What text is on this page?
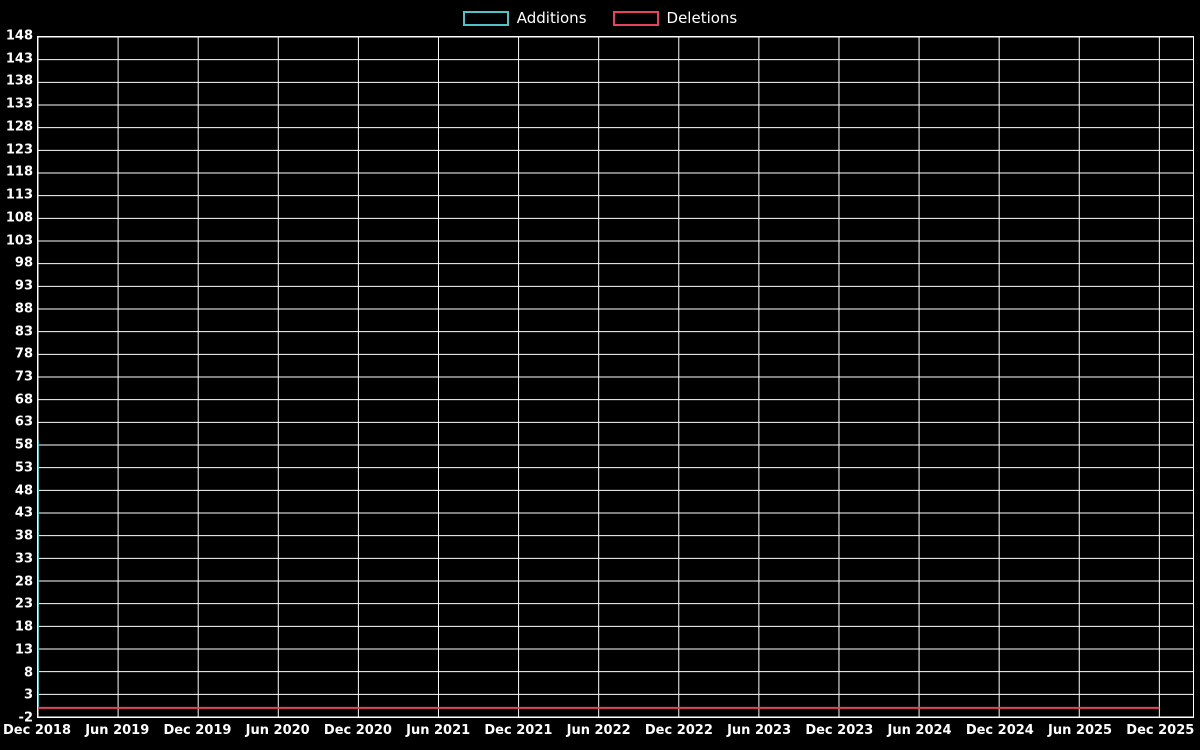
Additions	Deletions
-2
3
8
13
18
23
28
33
38
43
48
53
58
63
68
73
78
83
88
93
98
103
108
113
118
123
128
133
138
143
148
Dec 2018 Jun 2019 Dec 2019 Jun 2020 Dec 2020 Jun 2021 Dec 2021 Jun 2022 Dec 2022 Jun 2023 Dec 2023 Jun 2024 Dec 2024 Jun 2025 Dec 2025
